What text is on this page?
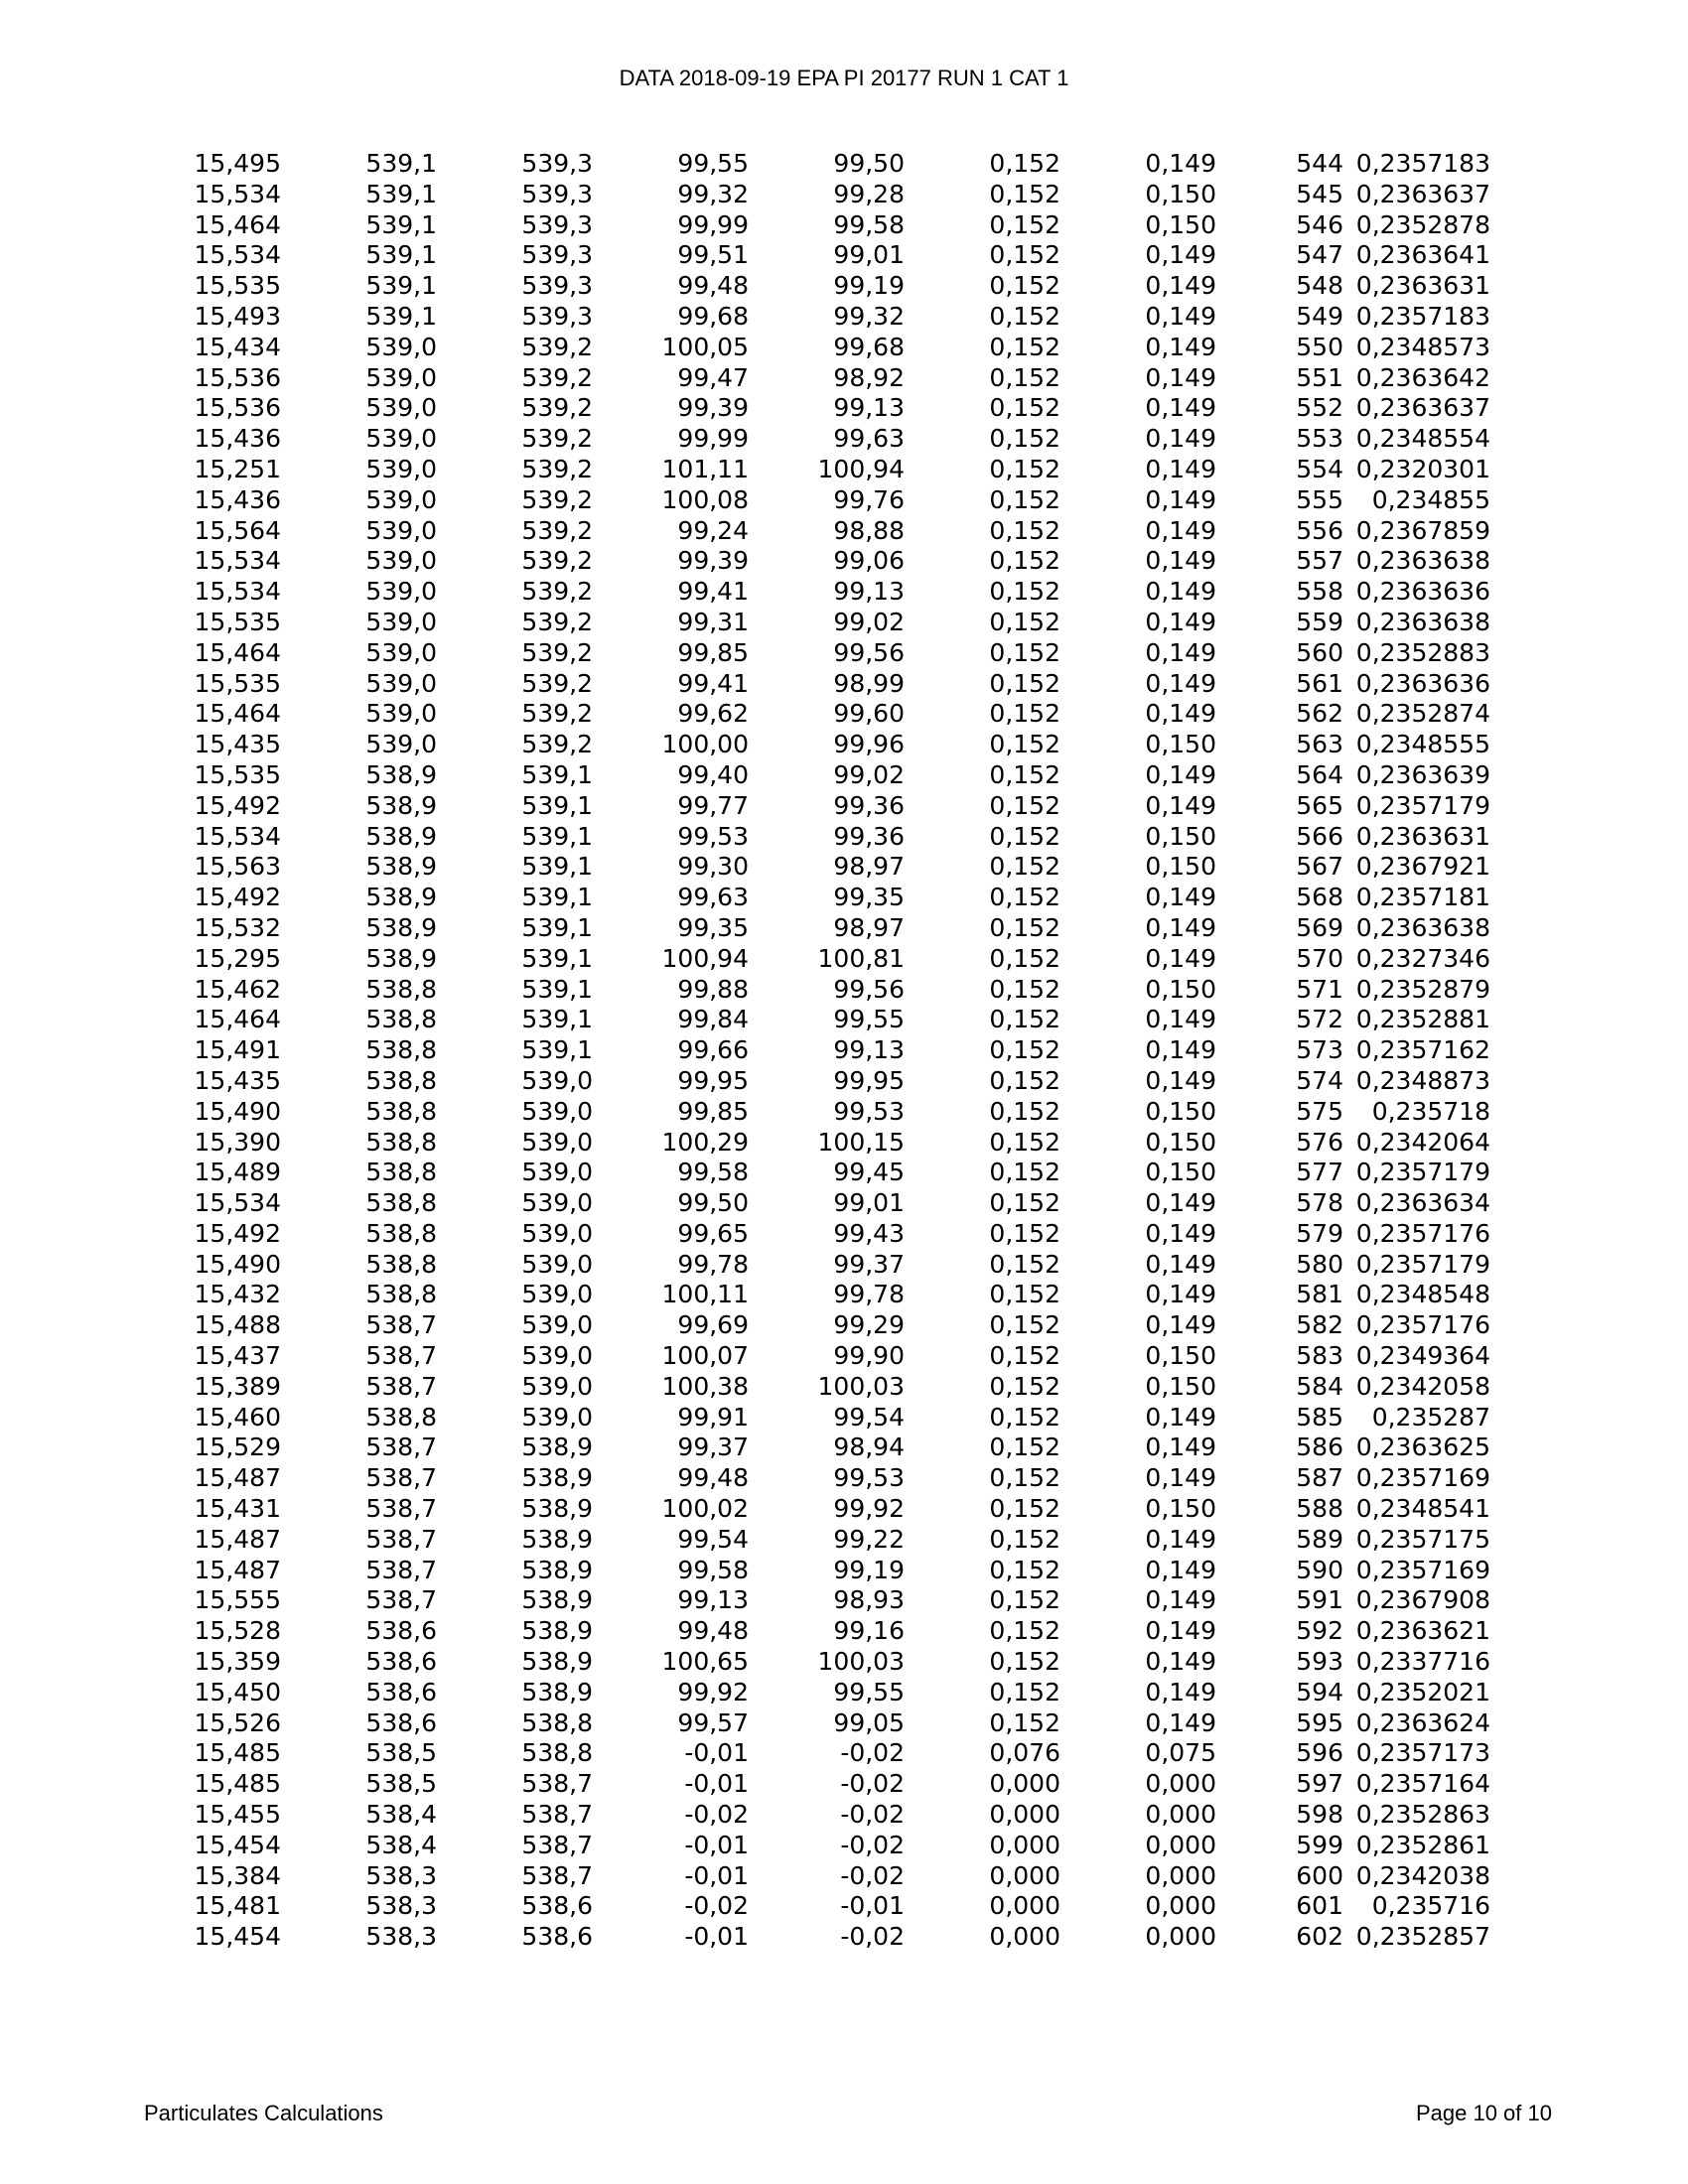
DATA 2018-09-19 EPA PI 20177 RUN 1 CAT 1
15,495	539,1	539,3	99,55	99,50	0,152	0,149	544	0,2357183
15,534	539,1	539,3	99,32	99,28	0,152	0,150	545	0,2363637
15,464	539,1	539,3	99,99	99,58	0,152	0,150	546	0,2352878
15,534	539,1	539,3	99,51	99,01	0,152	0,149	547	0,2363641
15,535	539,1	539,3	99,48	99,19	0,152	0,149	548	0,2363631
15,493	539,1	539,3	99,68	99,32	0,152	0,149	549	0,2357183
15,434	539,0	539,2	100,05	99,68	0,152	0,149	550	0,2348573
15,536	539,0	539,2	99,47	98,92	0,152	0,149	551	0,2363642
15,536	539,0	539,2	99,39	99,13	0,152	0,149	552	0,2363637
15,436	539,0	539,2	99,99	99,63	0,152	0,149	553	0,2348554
15,251	539,0	539,2	101,11	100,94	0,152	0,149	554	0,2320301
15,436	539,0	539,2	100,08	99,76	0,152	0,149	555	0,234855
15,564	539,0	539,2	99,24	98,88	0,152	0,149	556	0,2367859
15,534	539,0	539,2	99,39	99,06	0,152	0,149	557	0,2363638
15,534	539,0	539,2	99,41	99,13	0,152	0,149	558	0,2363636
15,535	539,0	539,2	99,31	99,02	0,152	0,149	559	0,2363638
15,464	539,0	539,2	99,85	99,56	0,152	0,149	560	0,2352883
15,535	539,0	539,2	99,41	98,99	0,152	0,149	561	0,2363636
15,464	539,0	539,2	99,62	99,60	0,152	0,149	562	0,2352874
15,435	539,0	539,2	100,00	99,96	0,152	0,150	563	0,2348555
15,535	538,9	539,1	99,40	99,02	0,152	0,149	564	0,2363639
15,492	538,9	539,1	99,77	99,36	0,152	0,149	565	0,2357179
15,534	538,9	539,1	99,53	99,36	0,152	0,150	566	0,2363631
15,563	538,9	539,1	99,30	98,97	0,152	0,150	567	0,2367921
15,492	538,9	539,1	99,63	99,35	0,152	0,149	568	0,2357181
15,532	538,9	539,1	99,35	98,97	0,152	0,149	569	0,2363638
15,295	538,9	539,1	100,94	100,81	0,152	0,149	570	0,2327346
15,462	538,8	539,1	99,88	99,56	0,152	0,150	571	0,2352879
15,464	538,8	539,1	99,84	99,55	0,152	0,149	572	0,2352881
15,491	538,8	539,1	99,66	99,13	0,152	0,149	573	0,2357162
15,435	538,8	539,0	99,95	99,95	0,152	0,149	574	0,2348873
15,490	538,8	539,0	99,85	99,53	0,152	0,150	575	0,235718
15,390	538,8	539,0	100,29	100,15	0,152	0,150	576	0,2342064
15,489	538,8	539,0	99,58	99,45	0,152	0,150	577	0,2357179
15,534	538,8	539,0	99,50	99,01	0,152	0,149	578	0,2363634
15,492	538,8	539,0	99,65	99,43	0,152	0,149	579	0,2357176
15,490	538,8	539,0	99,78	99,37	0,152	0,149	580	0,2357179
15,432	538,8	539,0	100,11	99,78	0,152	0,149	581	0,2348548
15,488	538,7	539,0	99,69	99,29	0,152	0,149	582	0,2357176
15,437	538,7	539,0	100,07	99,90	0,152	0,150	583	0,2349364
15,389	538,7	539,0	100,38	100,03	0,152	0,150	584	0,2342058
15,460	538,8	539,0	99,91	99,54	0,152	0,149	585	0,235287
15,529	538,7	538,9	99,37	98,94	0,152	0,149	586	0,2363625
15,487	538,7	538,9	99,48	99,53	0,152	0,149	587	0,2357169
15,431	538,7	538,9	100,02	99,92	0,152	0,150	588	0,2348541
15,487	538,7	538,9	99,54	99,22	0,152	0,149	589	0,2357175
15,487	538,7	538,9	99,58	99,19	0,152	0,149	590	0,2357169
15,555	538,7	538,9	99,13	98,93	0,152	0,149	591	0,2367908
15,528	538,6	538,9	99,48	99,16	0,152	0,149	592	0,2363621
15,359	538,6	538,9	100,65	100,03	0,152	0,149	593	0,2337716
15,450	538,6	538,9	99,92	99,55	0,152	0,149	594	0,2352021
15,526	538,6	538,8	99,57	99,05	0,152	0,149	595	0,2363624
15,485	538,5	538,8	-0,01	-0,02	0,076	0,075	596	0,2357173
15,485	538,5	538,7	-0,01	-0,02	0,000	0,000	597	0,2357164
15,455	538,4	538,7	-0,02	-0,02	0,000	0,000	598	0,2352863
15,454	538,4	538,7	-0,01	-0,02	0,000	0,000	599	0,2352861
15,384	538,3	538,7	-0,01	-0,02	0,000	0,000	600	0,2342038
15,481	538,3	538,6	-0,02	-0,01	0,000	0,000	601	0,235716
15,454	538,3	538,6	-0,01	-0,02	0,000	0,000	602	0,2352857
Particulates Calculations	Page 10 of 10
